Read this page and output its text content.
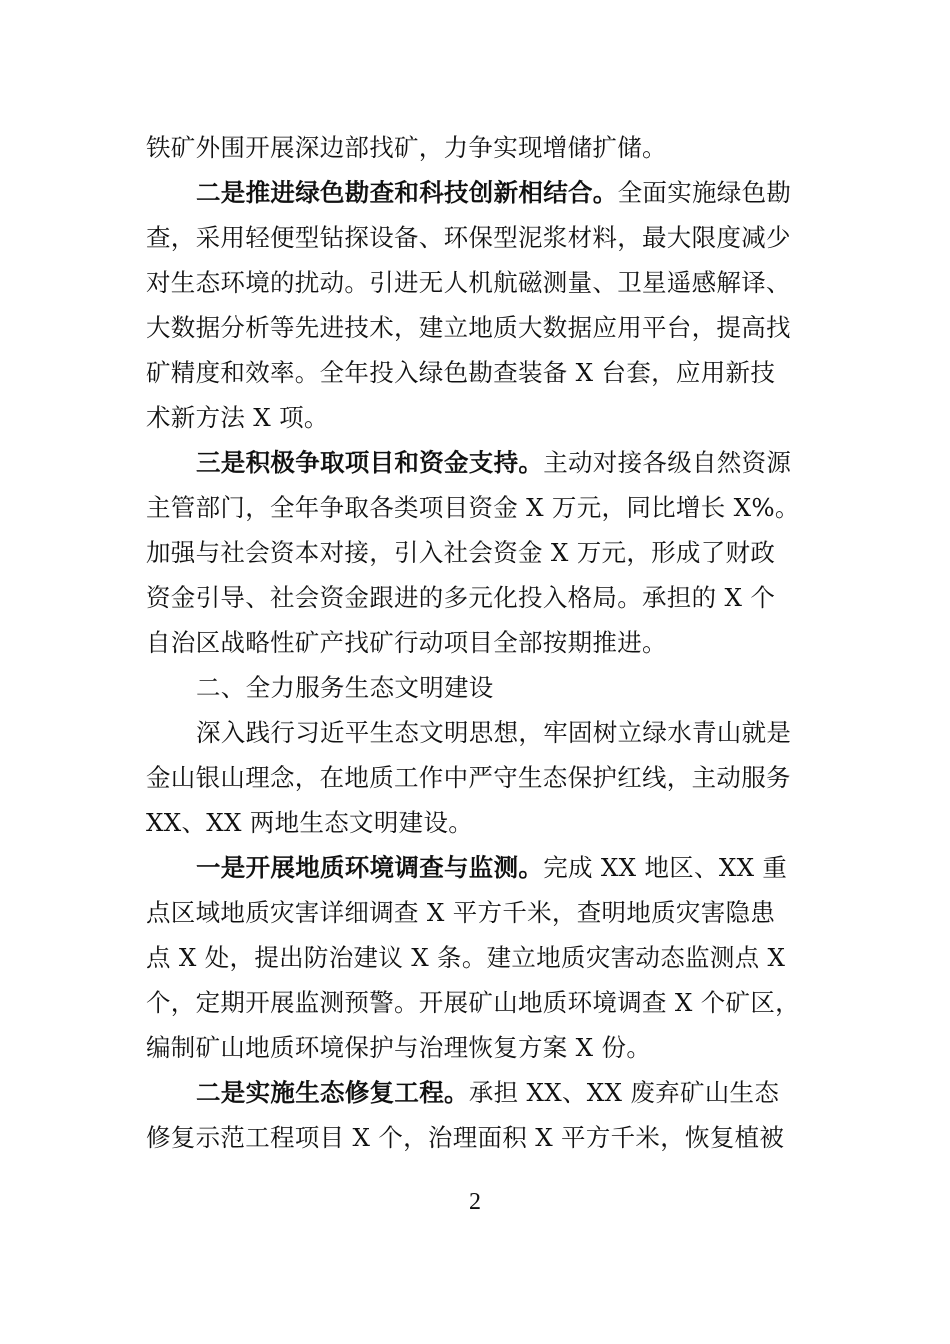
铁矿外围开展深边部找矿，力争实现增储扩储。
二是推进绿色勘查和科技创新相结合。全面实施绿色勘
查，采用轻便型钻探设备、环保型泥浆材料，最大限度减少
对生态环境的扰动。引进无人机航磁测量、卫星遥感解译、
大数据分析等先进技术，建立地质大数据应用平台，提高找
矿精度和效率。全年投入绿色勘查装备 X 台套，应用新技
术新方法 X 项。
三是积极争取项目和资金支持。主动对接各级自然资源
主管部门，全年争取各类项目资金 X 万元，同比增长 X%。
加强与社会资本对接，引入社会资金 X 万元，形成了财政
资金引导、社会资金跟进的多元化投入格局。承担的 X 个
自治区战略性矿产找矿行动项目全部按期推进。
二、全力服务生态文明建设
深入践行习近平生态文明思想，牢固树立绿水青山就是
金山银山理念，在地质工作中严守生态保护红线，主动服务
XX、XX 两地生态文明建设。
一是开展地质环境调查与监测。完成 XX 地区、XX 重
点区域地质灾害详细调查 X 平方千米，查明地质灾害隐患
点 X 处，提出防治建议 X 条。建立地质灾害动态监测点 X
个，定期开展监测预警。开展矿山地质环境调查 X 个矿区，
编制矿山地质环境保护与治理恢复方案 X 份。
二是实施生态修复工程。承担 XX、XX 废弃矿山生态
修复示范工程项目 X 个，治理面积 X 平方千米，恢复植被
2
